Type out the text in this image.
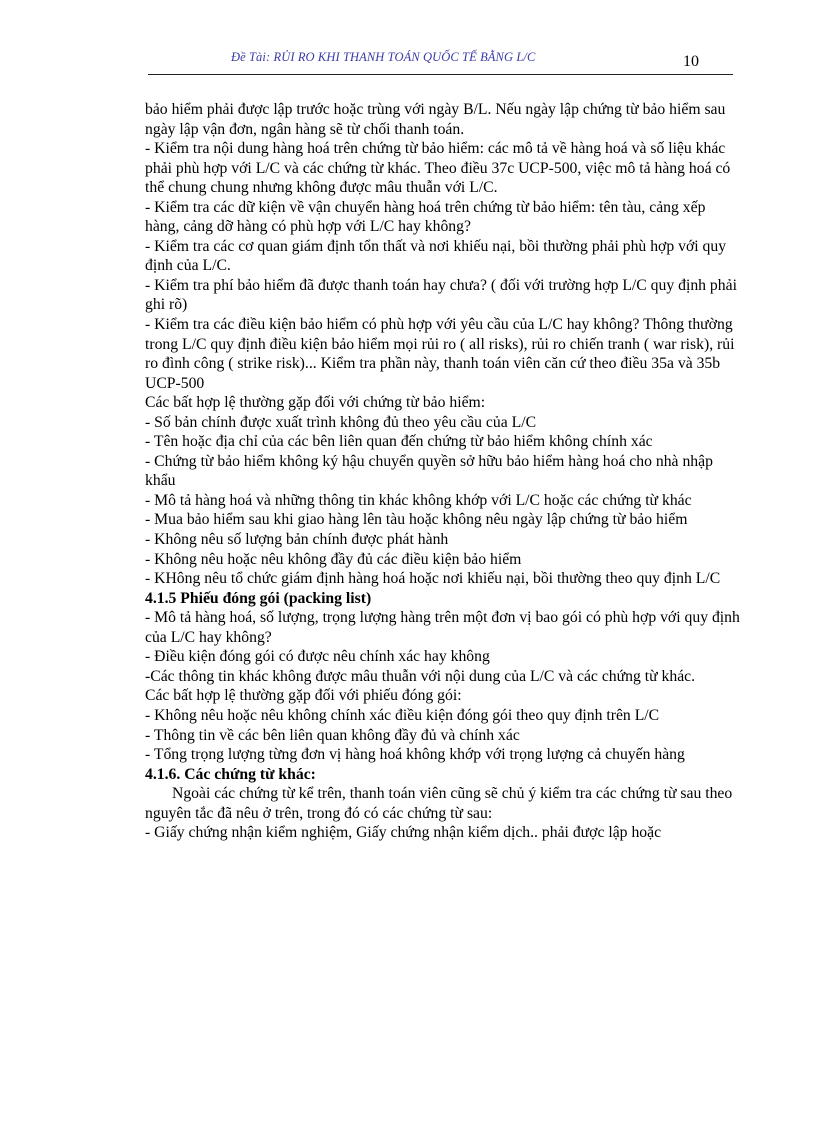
Đề Tài: RỦI RO KHI THANH TOÁN QUỐC TẾ BẰNG L/C	10

bảo hiểm phải được lập trước hoặc trùng với ngày B/L. Nếu ngày lập chứng từ bảo hiểm sau ngày lập vận đơn, ngân hàng sẽ từ chối thanh toán.

- Kiểm tra nội dung hàng hoá trên chứng từ bảo hiểm: các mô tả về hàng hoá và số liệu khác phải phù hợp với L/C và các chứng từ khác. Theo điều 37c UCP-500, việc mô tả hàng hoá có thể chung chung nhưng không được mâu thuẫn với L/C.

- Kiểm tra các dữ kiện về vận chuyển hàng hoá trên chứng từ bảo hiểm: tên tàu, cảng xếp hàng, cảng dỡ hàng có phù hợp với L/C hay không?

- Kiểm tra các cơ quan giám định tổn thất và nơi khiếu nại, bồi thường phải phù hợp với quy định của L/C.

- Kiểm tra phí bảo hiểm đã được thanh toán hay chưa? ( đối với trường hợp L/C quy định phải ghi rõ)

- Kiểm tra các điều kiện bảo hiểm có phù hợp với yêu cầu của L/C hay không? Thông thường trong L/C quy định điều kiện bảo hiểm mọi rủi ro ( all risks), rủi ro chiến tranh ( war risk), rủi ro đình công ( strike risk)... Kiểm tra phần này, thanh toán viên căn cứ theo điều 35a và 35b UCP-500

Các bất hợp lệ thường gặp đối với chứng từ bảo hiểm:

- Số bản chính được xuất trình không đủ theo yêu cầu của L/C

- Tên hoặc địa chỉ của các bên liên quan đến chứng từ bảo hiểm không chính xác

- Chứng từ bảo hiểm không ký hậu chuyển quyền sở hữu bảo hiểm hàng hoá cho nhà nhập khẩu

- Mô tả hàng hoá và những thông tin khác không khớp với L/C hoặc các chứng từ khác

- Mua bảo hiểm sau khi giao hàng lên tàu hoặc không nêu ngày lập chứng từ bảo hiểm

- Không nêu số lượng bản chính được phát hành

- Không nêu hoặc nêu không đầy đủ các điều kiện bảo hiểm

- KHông nêu tổ chức giám định hàng hoá hoặc nơi khiếu nại, bồi thường theo quy định L/C

4.1.5 Phiếu đóng gói (packing list)

- Mô tả hàng hoá, số lượng, trọng lượng hàng trên một đơn vị bao gói có phù hợp với quy định của L/C hay không?

- Điều kiện đóng gói có được nêu chính xác hay không

-Các thông tin khác không được mâu thuẫn với nội dung của L/C và các chứng từ khác.

Các bất hợp lệ thường gặp đối với phiếu đóng gói:

- Không nêu hoặc nêu không chính xác điều kiện đóng gói theo quy định trên L/C

- Thông tin về các bên liên quan không đầy đủ và chính xác

- Tổng trọng lượng từng đơn vị hàng hoá không khớp với trọng lượng cả chuyến hàng

4.1.6. Các chứng từ khác:

Ngoài các chứng từ kể trên, thanh toán viên cũng sẽ chủ ý kiểm tra các chứng từ sau theo nguyên tắc đã nêu ở trên, trong đó có các chứng từ sau:

- Giấy chứng nhận kiểm nghiệm, Giấy chứng nhận kiểm dịch.. phải được lập hoặc
